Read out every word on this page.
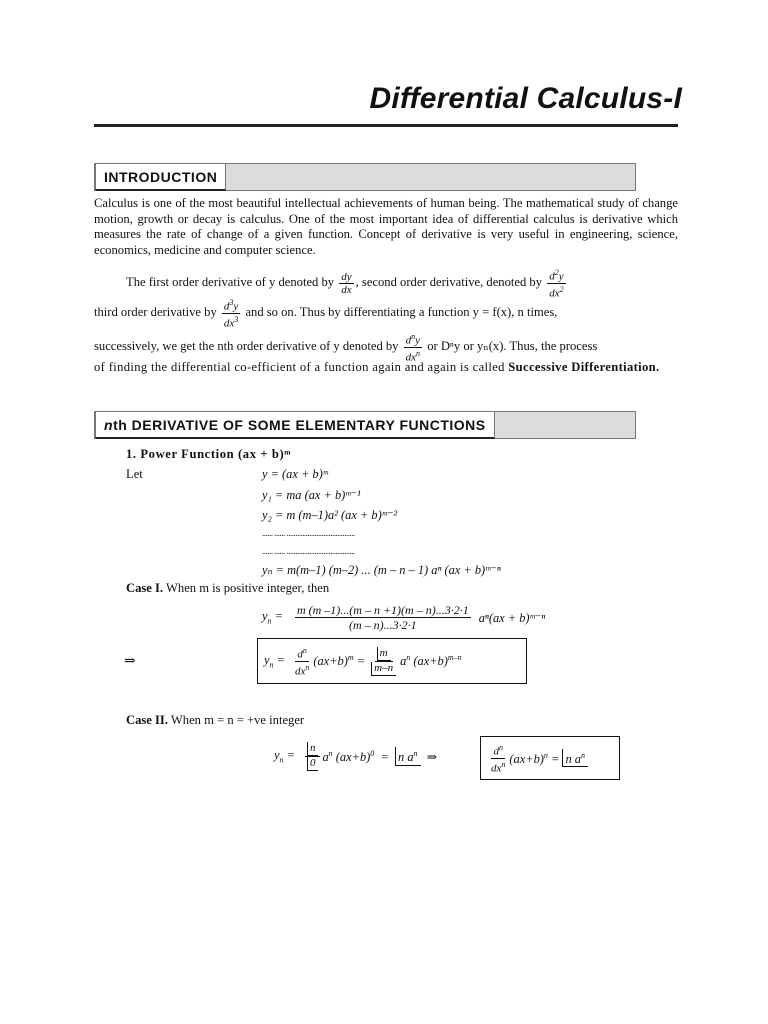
Differential Calculus-I
INTRODUCTION
Calculus is one of the most beautiful intellectual achievements of human being. The mathematical study of change motion, growth or decay is calculus. One of the most important idea of differential calculus is derivative which measures the rate of change of a given function. Concept of derivative is very useful in engineering, science, economics, medicine and computer science.
The first order derivative of y denoted by $\frac{dy}{dx}$ , second order derivative, denoted by $\frac{d^2y}{dx^2}$
third order derivative by $\frac{d^3y}{dx^3}$ and so on. Thus by differentiating a function y = f(x), n times,
successively, we get the nth order derivative of y denoted by $\frac{d^ny}{dx^n}$ or Dⁿy or yₙ(x). Thus, the process
of finding the differential co-efficient of a function again and again is called Successive Differentiation.
nth DERIVATIVE OF SOME ELEMENTARY FUNCTIONS
1. Power Function (ax + b)ᵐ
Let	y = (ax + b)ᵐ
y₁ = ma (ax + b)ᵐ⁻¹
y₂ = m (m–1)a² (ax + b)ᵐ⁻²
...... ...... .......................................
...... ...... .......................................
yₙ = m(m–1) (m–2) ... (m – n – 1) aⁿ (ax + b)ᵐ⁻ⁿ
Case I. When m is positive integer, then
$y_n = \frac{m (m -1)...(m - n +1)(m - n)...3\cdot 2\cdot 1}{(m - n)...3\cdot 2\cdot 1} a^n(ax$ + b)ᵐ⁻ⁿ
⇒	$y_n = \frac{d^n}{dx^n} (ax+b)^m = \frac{m}{m-n} a^n$ $(ax+b)^{m-n}$
Case II. When m = n = +ve integer
$y_n = \frac{n}{0} a^n$ $(ax+b)^0 = n$ $a^n$  ⇒	$\frac{d^n}{dx^n} (ax+b)^n = n$ $a^n$
